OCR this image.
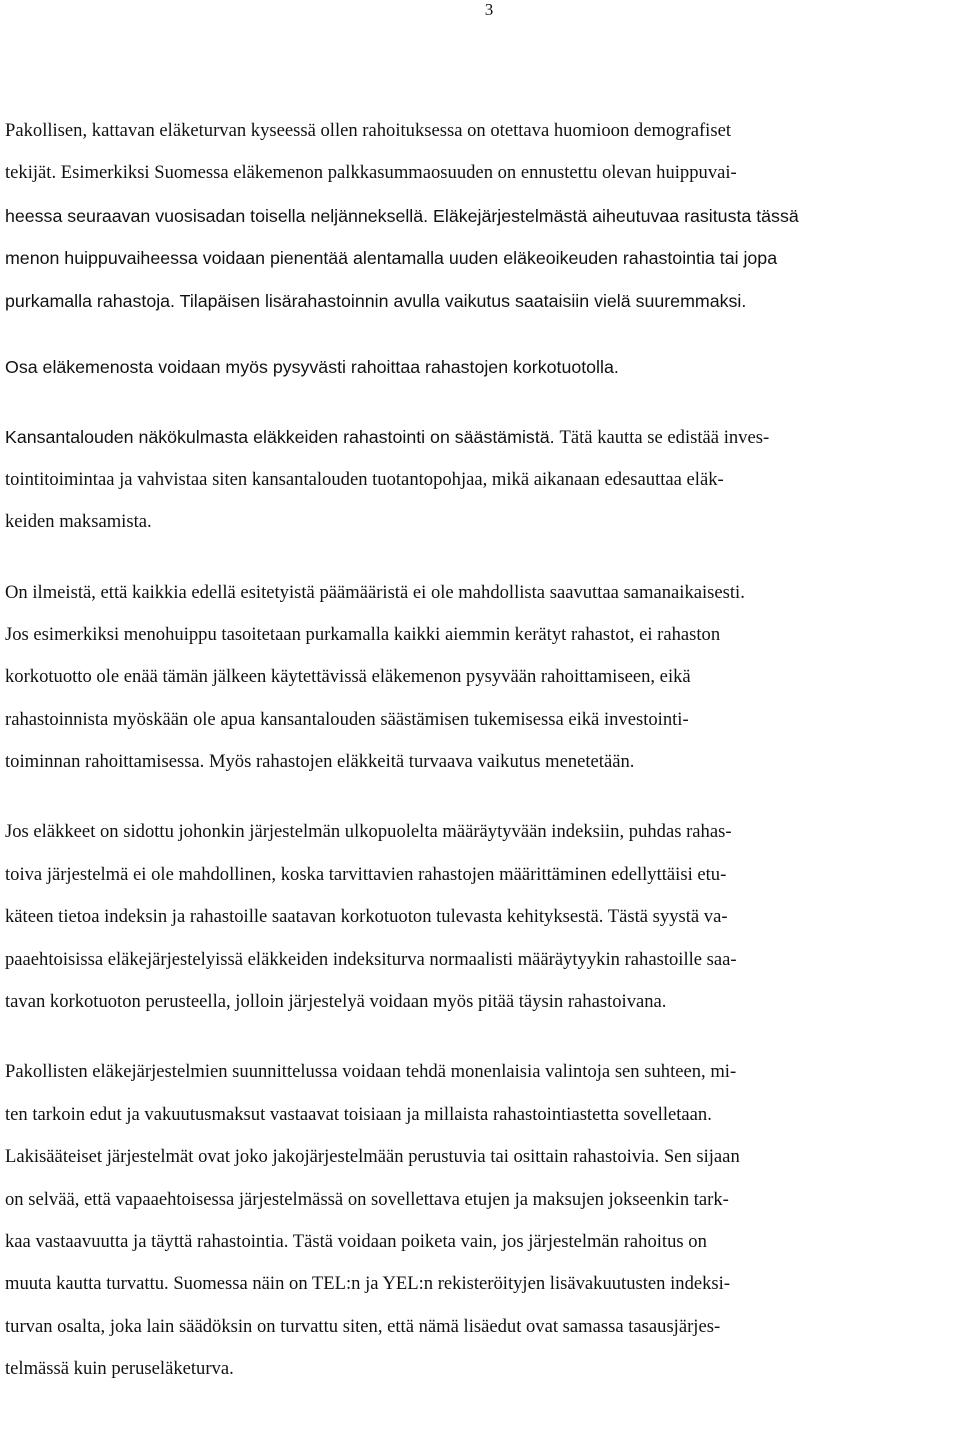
3
Pakollisen, kattavan eläketurvan kyseessä ollen rahoituksessa on otettava huomioon demografiset
tekijät. Esimerkiksi Suomessa eläkemenon palkkasummaosuuden on ennustettu olevan huippuvai-
heessa seuraavan vuosisadan toisella neljänneksellä. Eläkejärjestelmästä aiheutuvaa rasitusta tässä
menon huippuvaiheessa voidaan pienentää alentamalla uuden eläkeoikeuden rahastointia tai jopa
purkamalla rahastoja. Tilapäisen lisärahastoinnin avulla vaikutus saataisiin vielä suuremmaksi.
Osa eläkemenosta voidaan myös pysyvästi rahoittaa rahastojen korkotuotolla.
Kansantalouden näkökulmasta eläkkeiden rahastointi on säästämistä. Tätä kautta se edistää inves-
tointitoimintaa ja vahvistaa siten kansantalouden tuotantopohjaa, mikä aikanaan edesauttaa eläk-
keiden maksamista.
On ilmeistä, että kaikkia edellä esitetyistä päämääristä ei ole mahdollista saavuttaa samanaikaisesti.
Jos esimerkiksi menohuippu tasoitetaan purkamalla kaikki aiemmin kerätyt rahastot, ei rahaston
korkotuotto ole enää tämän jälkeen käytettävissä eläkemenon pysyvään rahoittamiseen, eikä
rahastoinnista myöskään ole apua kansantalouden säästämisen tukemisessa eikä investointi-
toiminnan rahoittamisessa. Myös rahastojen eläkkeitä turvaava vaikutus menetetään.
Jos eläkkeet on sidottu johonkin järjestelmän ulkopuolelta määräytyvään indeksiin, puhdas rahas-
toiva järjestelmä ei ole mahdollinen, koska tarvittavien rahastojen määrittäminen edellyttäisi etu-
käteen tietoa indeksin ja rahastoille saatavan korkotuoton tulevasta kehityksestä. Tästä syystä va-
paaehtoisissa eläkejärjestelyissä eläkkeiden indeksiturva normaalisti määräytyykin rahastoille saa-
tavan korkotuoton perusteella, jolloin järjestelyä voidaan myös pitää täysin rahastoivana.
Pakollisten eläkejärjestelmien suunnittelussa voidaan tehdä monenlaisia valintoja sen suhteen, mi-
ten tarkoin edut ja vakuutusmaksut vastaavat toisiaan ja millaista rahastointiastetta sovelletaan.
Lakisääteiset järjestelmät ovat joko jakojärjestelmään perustuvia tai osittain rahastoivia. Sen sijaan
on selvää, että vapaaehtoisessa järjestelmässä on sovellettava etujen ja maksujen jokseenkin tark-
kaa vastaavuutta ja täyttä rahastointia. Tästä voidaan poiketa vain, jos järjestelmän rahoitus on
muuta kautta turvattu. Suomessa näin on TEL:n ja YEL:n rekisteröityjen lisävakuutusten indeksi-
turvan osalta, joka lain säädöksin on turvattu siten, että nämä lisäedut ovat samassa tasausjärjes-
telmässä kuin peruseläketurva.
